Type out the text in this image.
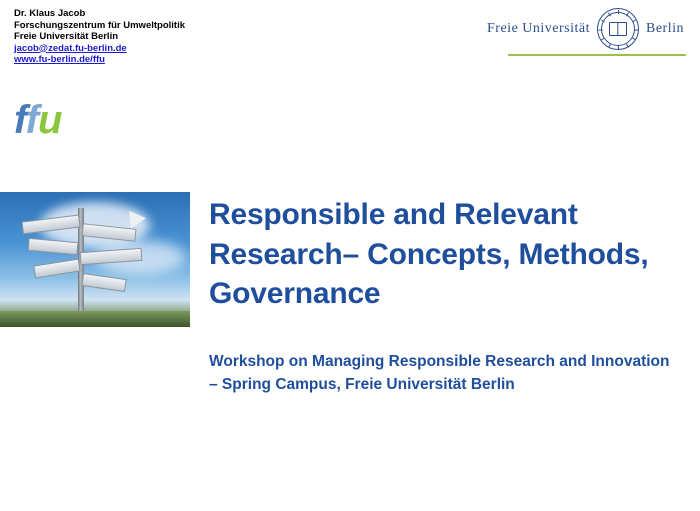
Dr. Klaus Jacob
Forschungszentrum für Umweltpolitik
Freie Universität Berlin
jacob@zedat.fu-berlin.de
www.fu-berlin.de/ffu
ffu
Freie Universität	Berlin
Responsible and Relevant Research– Concepts, Methods, Governance
Workshop on Managing Responsible Research and Innovation – Spring Campus, Freie Universität Berlin
